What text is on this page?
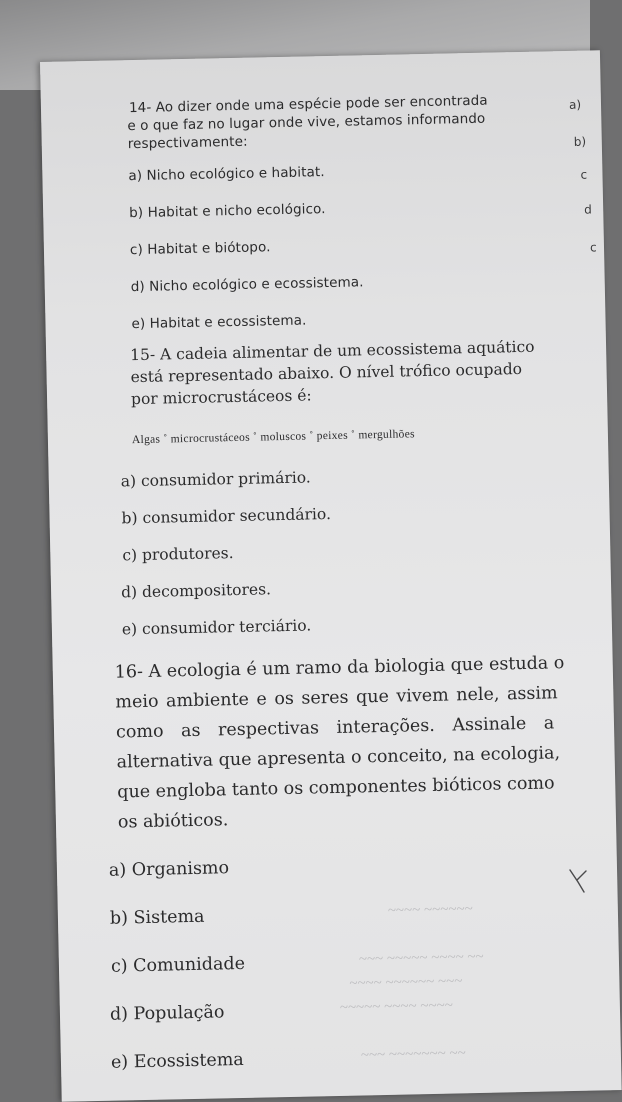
14- Ao dizer onde uma espécie pode ser encontrada
e o que faz no lugar onde vive, estamos informando
respectivamente:
a) Nicho ecológico e habitat.
b) Habitat e nicho ecológico.
c) Habitat e biótopo.
d) Nicho ecológico e ecossistema.
e) Habitat e ecossistema.
a)
b)
c
d
c
15- A cadeia alimentar de um ecossistema aquático
está representado abaixo. O nível trófico ocupado
por microcrustáceos é:
Algas ˚ microcrustáceos ˚ moluscos ˚ peixes ˚ mergulhões
a) consumidor primário.
b) consumidor secundário.
c) produtores.
d) decompositores.
e) consumidor terciário.
16- A ecologia é um ramo da biologia que estuda o
meio ambiente e os seres que vivem nele, assim
como as respectivas interações. Assinale a
alternativa que apresenta o conceito, na ecologia,
que engloba tanto os componentes bióticos como
os abióticos.
a) Organismo
b) Sistema
c) Comunidade
d) População
e) Ecossistema
~~~~ ~~~~~~
~~~ ~~~~~ ~~~~ ~~
~~~~ ~~~~~~ ~~~
~~~~~ ~~~~ ~~~~
~~~ ~~~~~~~ ~~
